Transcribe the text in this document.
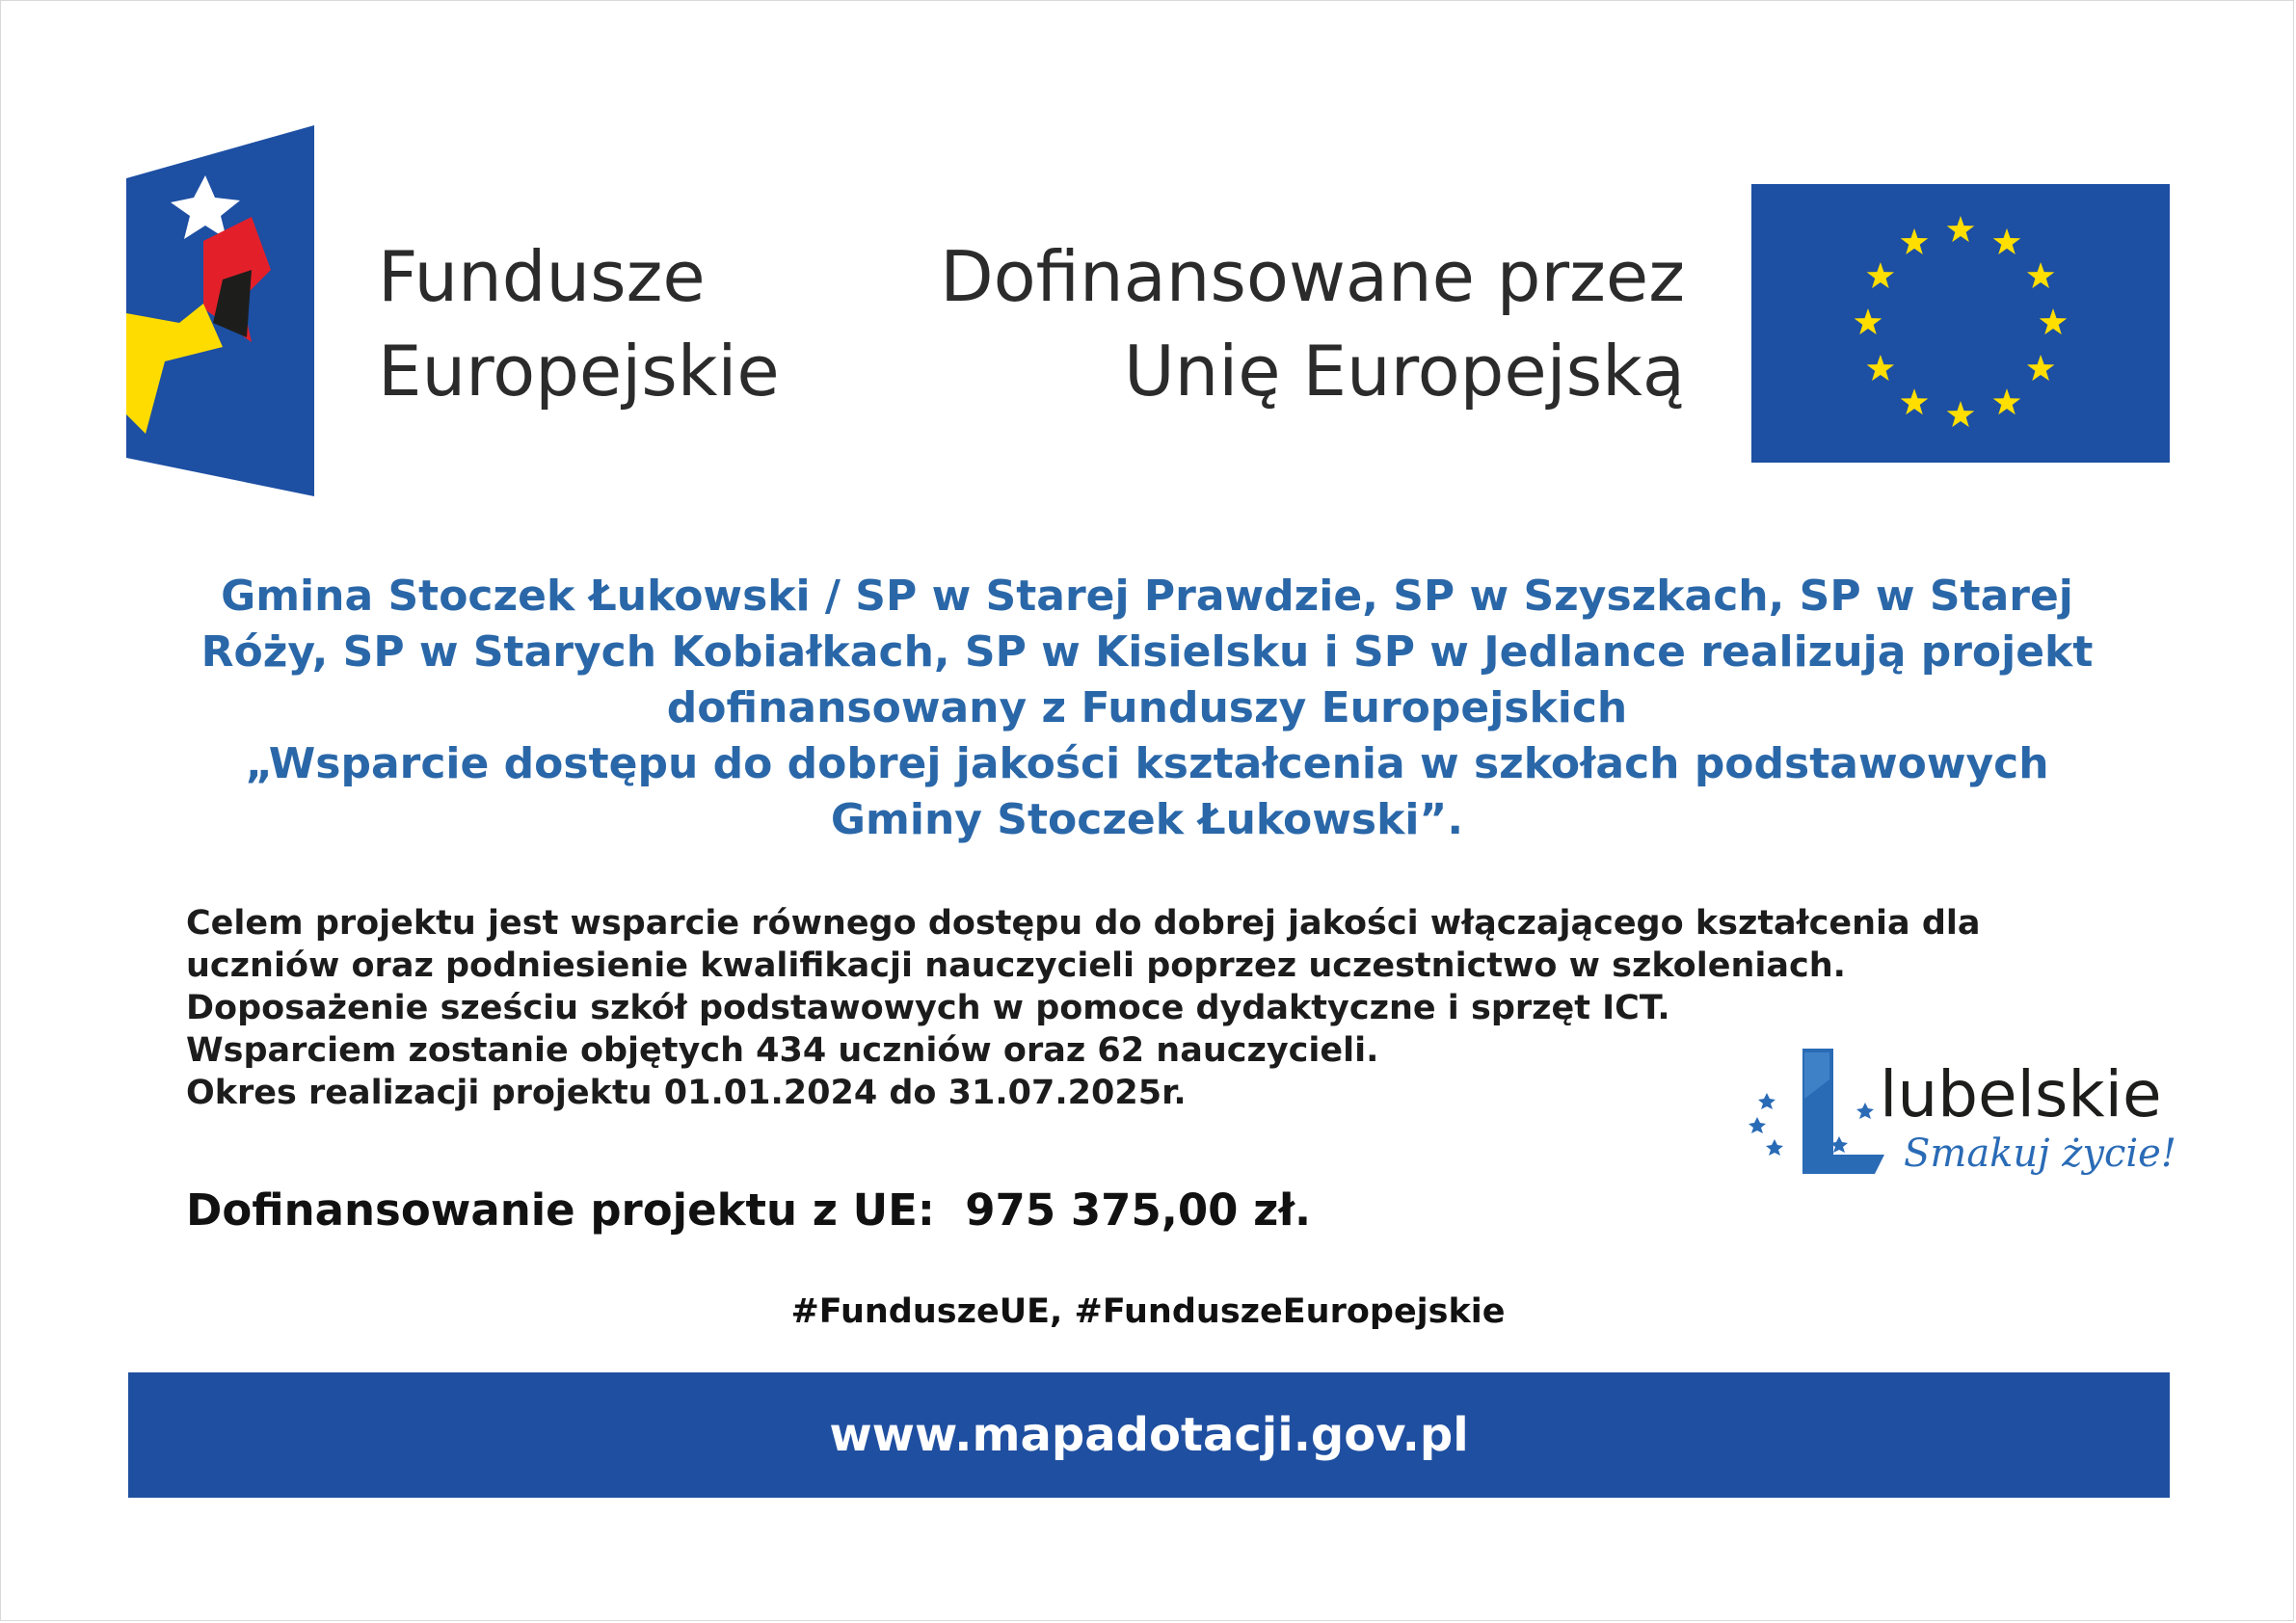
Fundusze
Europejskie
Dofinansowane przez
Unię Europejską
Gmina Stoczek Łukowski / SP w Starej Prawdzie, SP w Szyszkach, SP w Starej
Róży, SP w Starych Kobiałkach, SP w Kisielsku i SP w Jedlance realizują projekt
dofinansowany z Funduszy Europejskich
„Wsparcie dostępu do dobrej jakości kształcenia w szkołach podstawowych
Gminy Stoczek Łukowski”.
Celem projektu jest wsparcie równego dostępu do dobrej jakości włączającego kształcenia dla
uczniów oraz podniesienie kwalifikacji nauczycieli poprzez uczestnictwo w szkoleniach.
Doposażenie sześciu szkół podstawowych w pomoce dydaktyczne i sprzęt ICT.
Wsparciem zostanie objętych 434 uczniów oraz 62 nauczycieli.
Okres realizacji projektu 01.01.2024 do 31.07.2025r.	lubelskie
Smakuj życie!
Dofinansowanie projektu z UE:  975 375,00 zł.
#FunduszeUE, #FunduszeEuropejskie
www.mapadotacji.gov.pl
